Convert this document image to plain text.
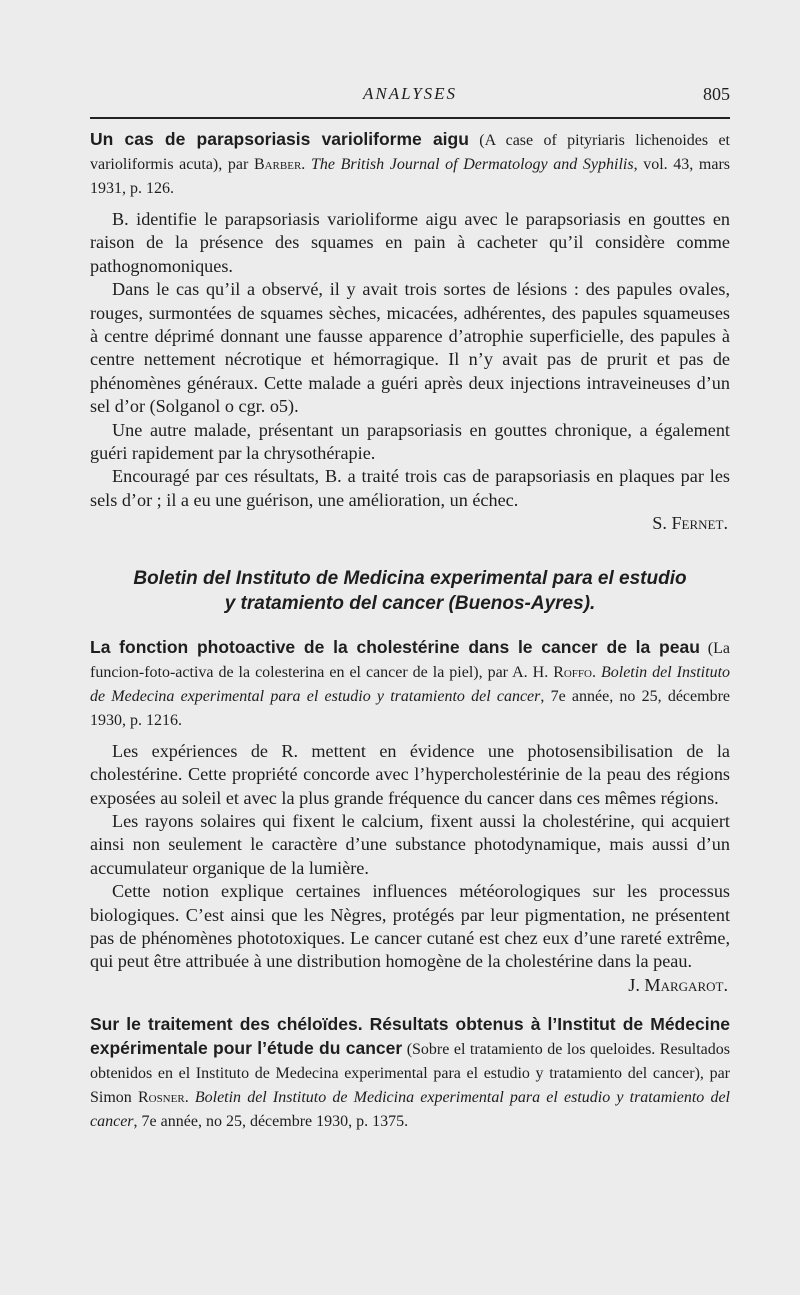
ANALYSES	805

Un cas de parapsoriasis varioliforme aigu (A case of pityriaris lichenoides et varioliformis acuta), par Barber. The British Journal of Dermatology and Syphilis, vol. 43, mars 1931, p. 126.

B. identifie le parapsoriasis varioliforme aigu avec le parapsoriasis en gouttes en raison de la présence des squames en pain à cacheter qu’il considère comme pathognomoniques.

Dans le cas qu’il a observé, il y avait trois sortes de lésions : des papules ovales, rouges, surmontées de squames sèches, micacées, adhérentes, des papules squameuses à centre déprimé donnant une fausse apparence d’atrophie superficielle, des papules à centre nettement nécrotique et hémorragique. Il n’y avait pas de prurit et pas de phénomènes généraux. Cette malade a guéri après deux injections intraveineuses d’un sel d’or (Solganol o cgr. o5).

Une autre malade, présentant un parapsoriasis en gouttes chronique, a également guéri rapidement par la chrysothérapie.

Encouragé par ces résultats, B. a traité trois cas de parapsoriasis en plaques par les sels d’or ; il a eu une guérison, une amélioration, un échec.

S. Fernet.

Boletin del Instituto de Medicina experimental para el estudio
y tratamiento del cancer (Buenos-Ayres).

La fonction photoactive de la cholestérine dans le cancer de la peau (La funcion-foto-activa de la colesterina en el cancer de la piel), par A. H. Roffo. Boletin del Instituto de Medecina experimental para el estudio y tratamiento del cancer, 7e année, no 25, décembre 1930, p. 1216.

Les expériences de R. mettent en évidence une photosensibilisation de la cholestérine. Cette propriété concorde avec l’hypercholestérinie de la peau des régions exposées au soleil et avec la plus grande fréquence du cancer dans ces mêmes régions.

Les rayons solaires qui fixent le calcium, fixent aussi la cholestérine, qui acquiert ainsi non seulement le caractère d’une substance photodynamique, mais aussi d’un accumulateur organique de la lumière.

Cette notion explique certaines influences météorologiques sur les processus biologiques. C’est ainsi que les Nègres, protégés par leur pigmentation, ne présentent pas de phénomènes phototoxiques. Le cancer cutané est chez eux d’une rareté extrême, qui peut être attribuée à une distribution homogène de la cholestérine dans la peau.

J. Margarot.

Sur le traitement des chéloïdes. Résultats obtenus à l’Institut de Médecine expérimentale pour l’étude du cancer (Sobre el tratamiento de los queloides. Resultados obtenidos en el Instituto de Medecina experimental para el estudio y tratamiento del cancer), par Simon Rosner. Boletin del Instituto de Medicina experimental para el estudio y tratamiento del cancer, 7e année, no 25, décembre 1930, p. 1375.
